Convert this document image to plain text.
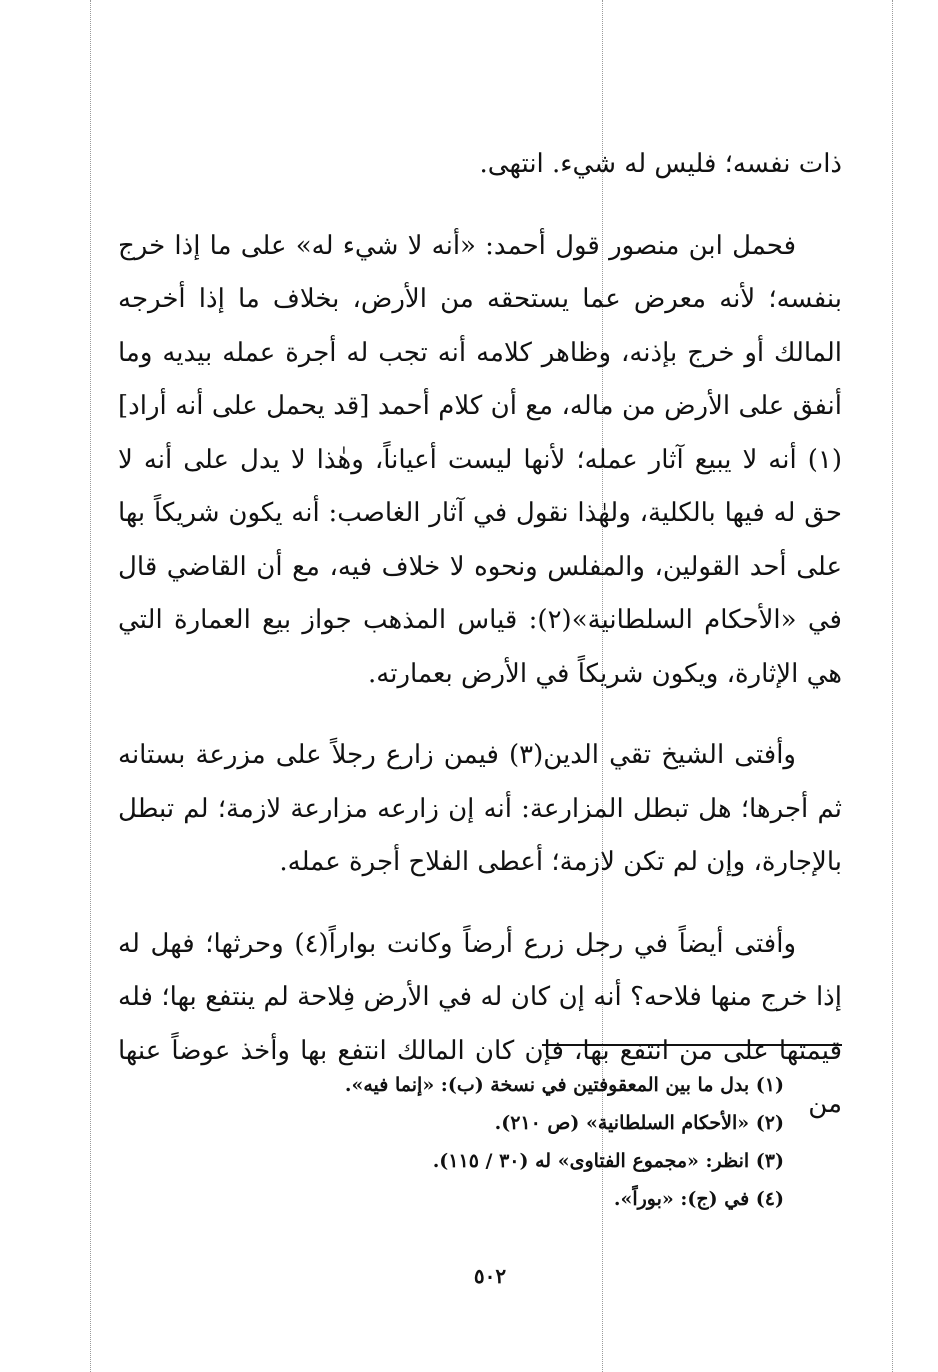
ذات نفسه؛ فليس له شيء. انتهى.

فحمل ابن منصور قول أحمد: «أنه لا شيء له» على ما إذا خرج بنفسه؛ لأنه معرض عما يستحقه من الأرض، بخلاف ما إذا أخرجه المالك أو خرج بإذنه، وظاهر كلامه أنه تجب له أجرة عمله بيديه وما أنفق على الأرض من ماله، مع أن كلام أحمد [قد يحمل على أنه أراد](١) أنه لا يبيع آثار عمله؛ لأنها ليست أعياناً، وهٰذا لا يدل على أنه لا حق له فيها بالكلية، ولهٰذا نقول في آثار الغاصب: أنه يكون شريكاً بها على أحد القولين، والمفلس ونحوه لا خلاف فيه، مع أن القاضي قال في «الأحكام السلطانية»(٢): قياس المذهب جواز بيع العمارة التي هي الإثارة، ويكون شريكاً في الأرض بعمارته.

وأفتى الشيخ تقي الدين(٣) فيمن زارع رجلاً على مزرعة بستانه ثم أجرها؛ هل تبطل المزارعة: أنه إن زارعه مزارعة لازمة؛ لم تبطل بالإجارة، وإن لم تكن لازمة؛ أعطى الفلاح أجرة عمله.

وأفتى أيضاً في رجل زرع أرضاً وكانت بواراً(٤) وحرثها؛ فهل له إذا خرج منها فلاحه؟ أنه إن كان له في الأرض فِلاحة لم ينتفع بها؛ فله قيمتها على من انتفع بها، فإن كان المالك انتفع بها وأخذ عوضاً عنها من

(١) بدل ما بين المعقوفتين في نسخة (ب): «إنما فيه».

(٢) «الأحكام السلطانية» (ص ٢١٠).

(٣) انظر: «مجموع الفتاوى» له (٣٠ / ١١٥).

(٤) في (ج): «بوراً».

٥٠٢
